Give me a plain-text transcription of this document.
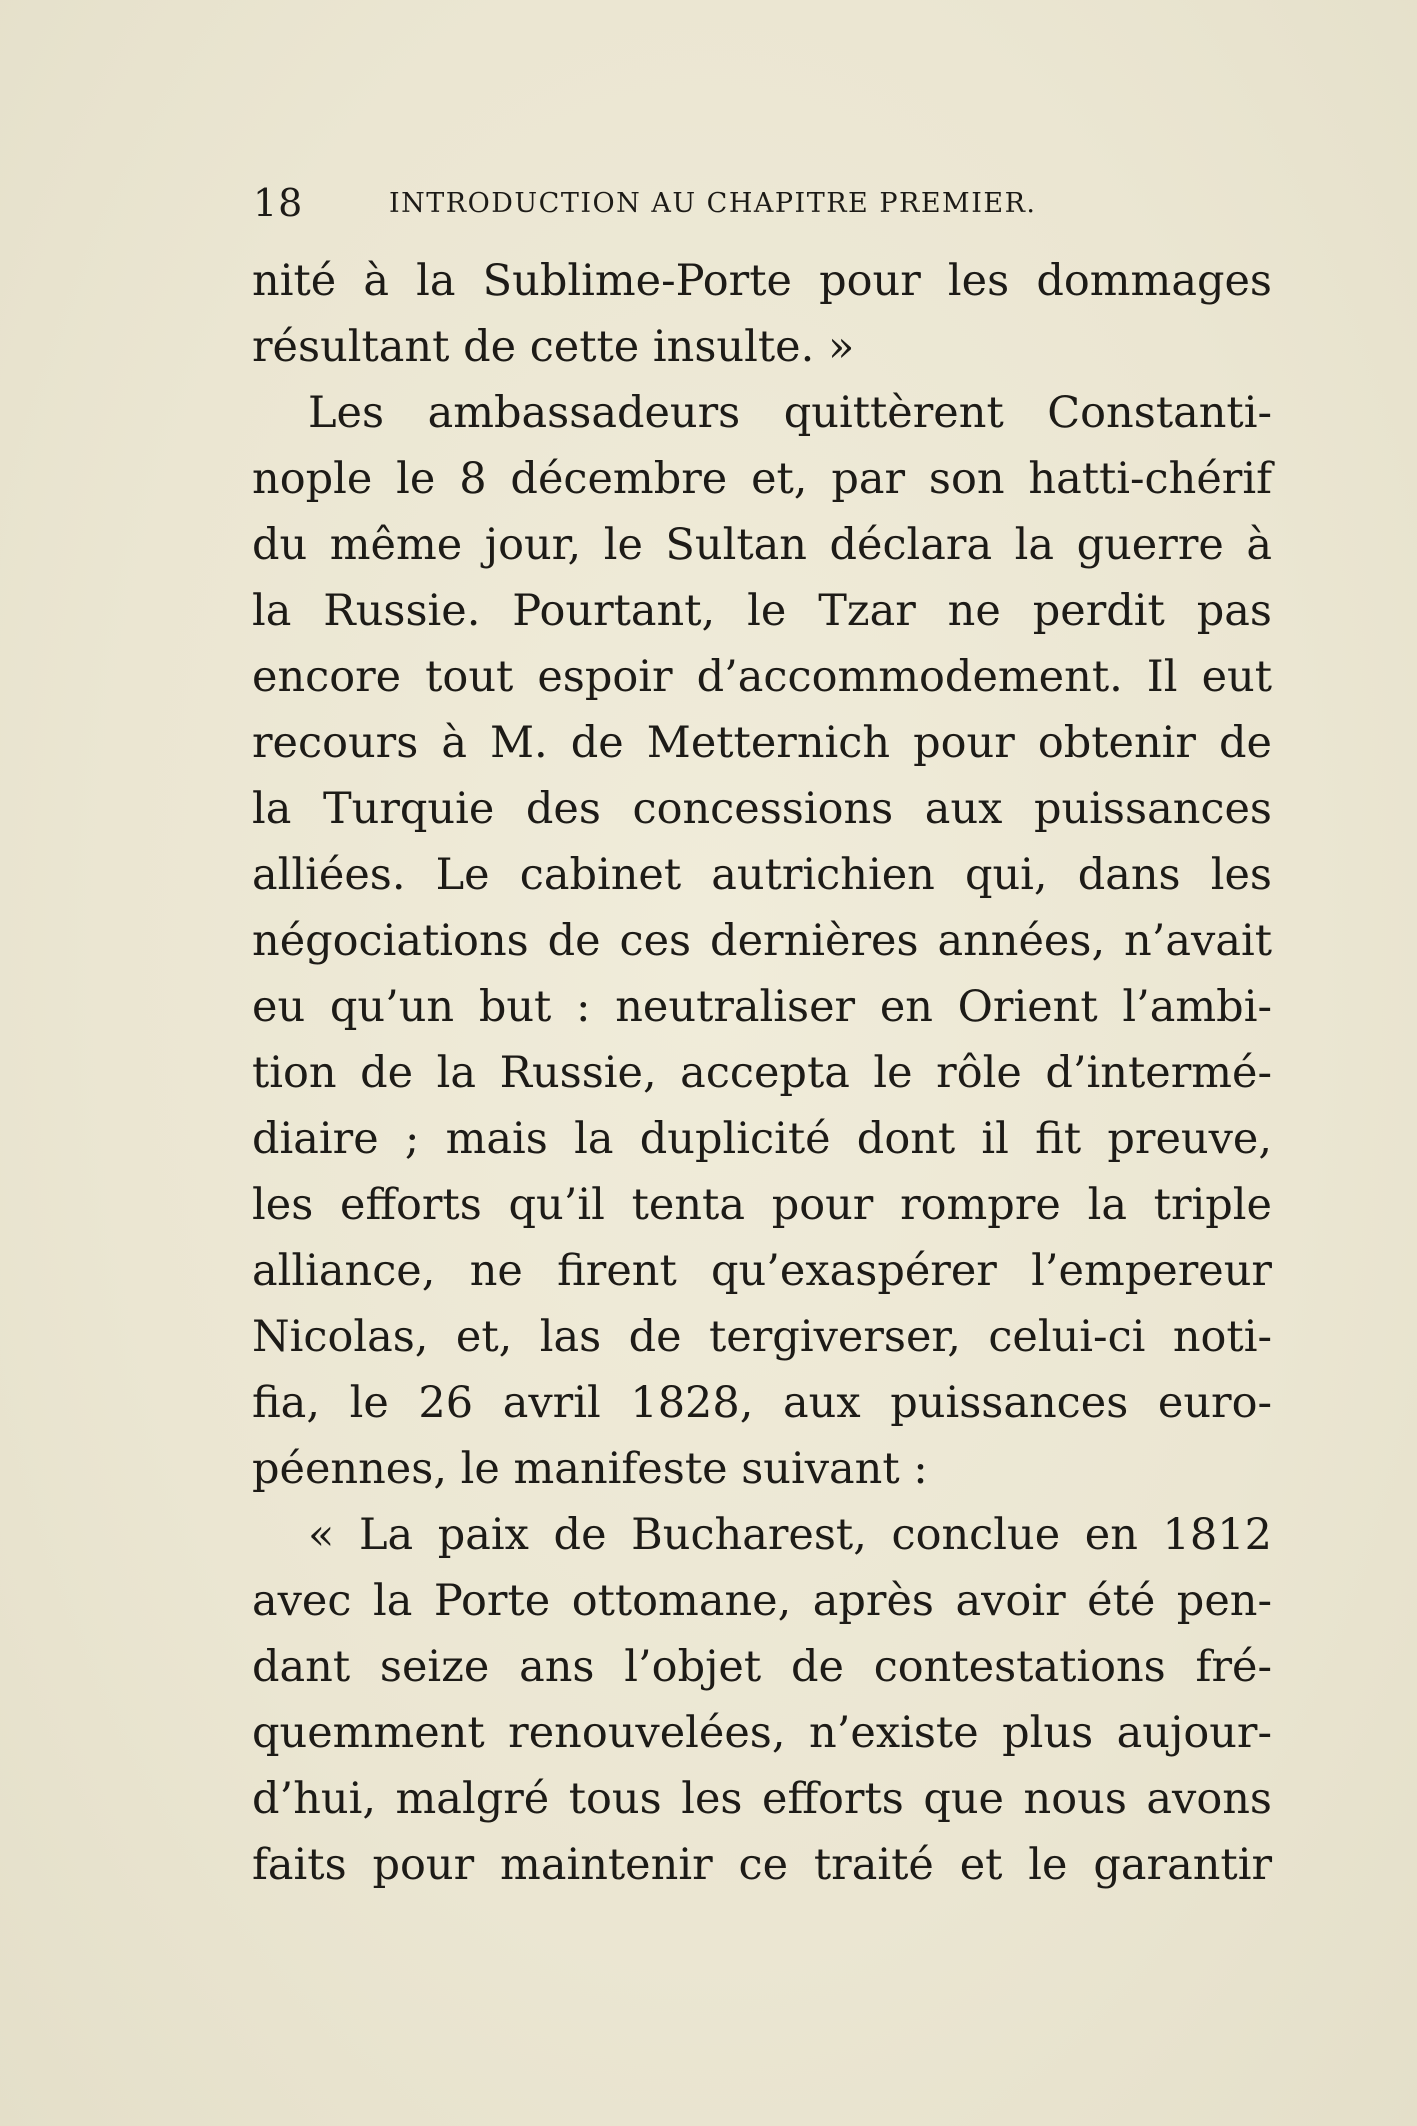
18	INTRODUCTION AU CHAPITRE PREMIER.
nité à la Sublime-Porte pour les dommages
résultant de cette insulte. »
Les ambassadeurs quittèrent Constanti-
nople le 8 décembre et, par son hatti-chérif
du même jour, le Sultan déclara la guerre à
la Russie. Pourtant, le Tzar ne perdit pas
encore tout espoir d’accommodement. Il eut
recours à M. de Metternich pour obtenir de
la Turquie des concessions aux puissances
alliées. Le cabinet autrichien qui, dans les
négociations de ces dernières années, n’avait
eu qu’un but : neutraliser en Orient l’ambi-
tion de la Russie, accepta le rôle d’intermé-
diaire ; mais la duplicité dont il fit preuve,
les efforts qu’il tenta pour rompre la triple
alliance, ne firent qu’exaspérer l’empereur
Nicolas, et, las de tergiverser, celui-ci noti-
fia, le 26 avril 1828, aux puissances euro-
péennes, le manifeste suivant :
« La paix de Bucharest, conclue en 1812
avec la Porte ottomane, après avoir été pen-
dant seize ans l’objet de contestations fré-
quemment renouvelées, n’existe plus aujour-
d’hui, malgré tous les efforts que nous avons
faits pour maintenir ce traité et le garantir
